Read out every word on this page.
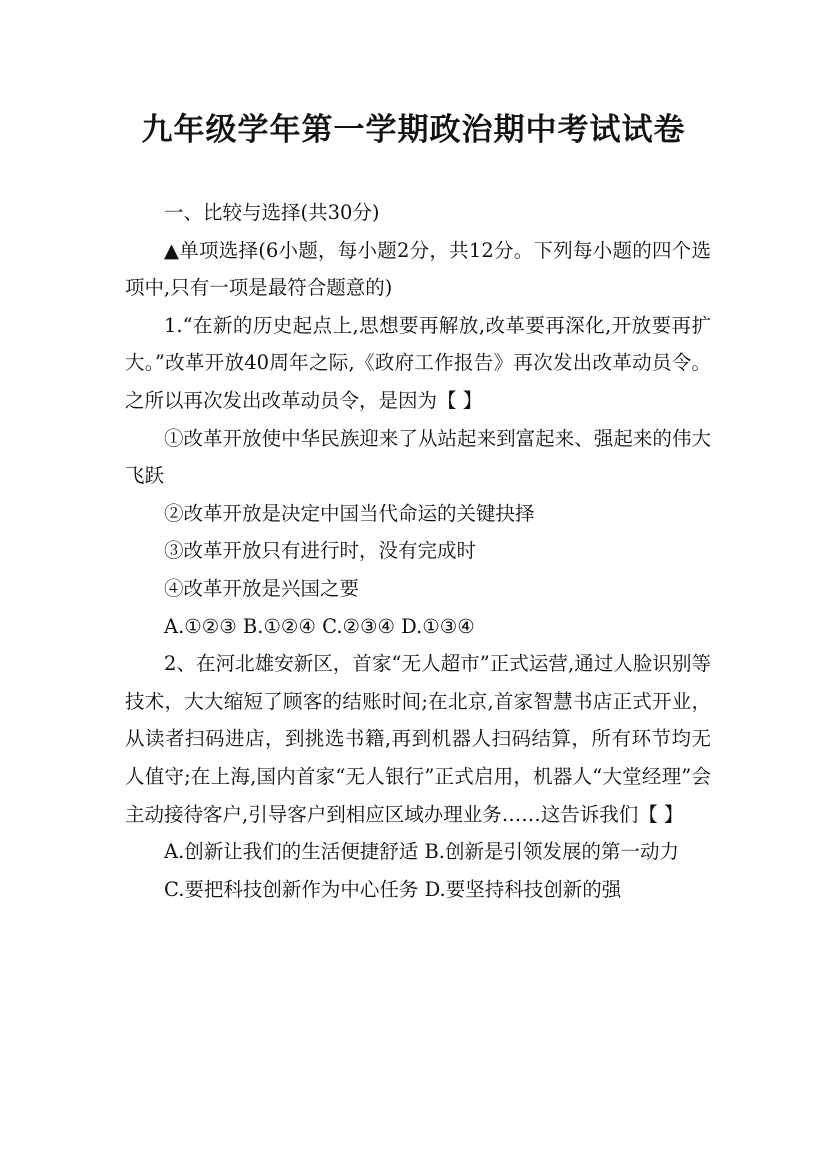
九年级学年第一学期政治期中考试试卷

一、比较与选择(共30分)

▲单项选择(6小题，每小题2分，共12分。下列每小题的四个选项中,只有一项是最符合题意的)

1.“在新的历史起点上,思想要再解放,改革要再深化,开放要再扩大。”改革开放40周年之际,《政府工作报告》再次发出改革动员令。之所以再次发出改革动员令，是因为【 】

①改革开放使中华民族迎来了从站起来到富起来、强起来的伟大飞跃

②改革开放是决定中国当代命运的关键抉择

③改革开放只有进行时，没有完成时

④改革开放是兴国之要

A.①②③ B.①②④ C.②③④ D.①③④

2、在河北雄安新区，首家“无人超市”正式运营,通过人脸识别等技术，大大缩短了顾客的结账时间;在北京,首家智慧书店正式开业，从读者扫码进店，到挑选书籍,再到机器人扫码结算，所有环节均无人值守;在上海,国内首家“无人银行”正式启用，机器人“大堂经理”会主动接待客户,引导客户到相应区域办理业务……这告诉我们【 】

A.创新让我们的生活便捷舒适 B.创新是引领发展的第一动力

C.要把科技创新作为中心任务 D.要坚持科技创新的强
